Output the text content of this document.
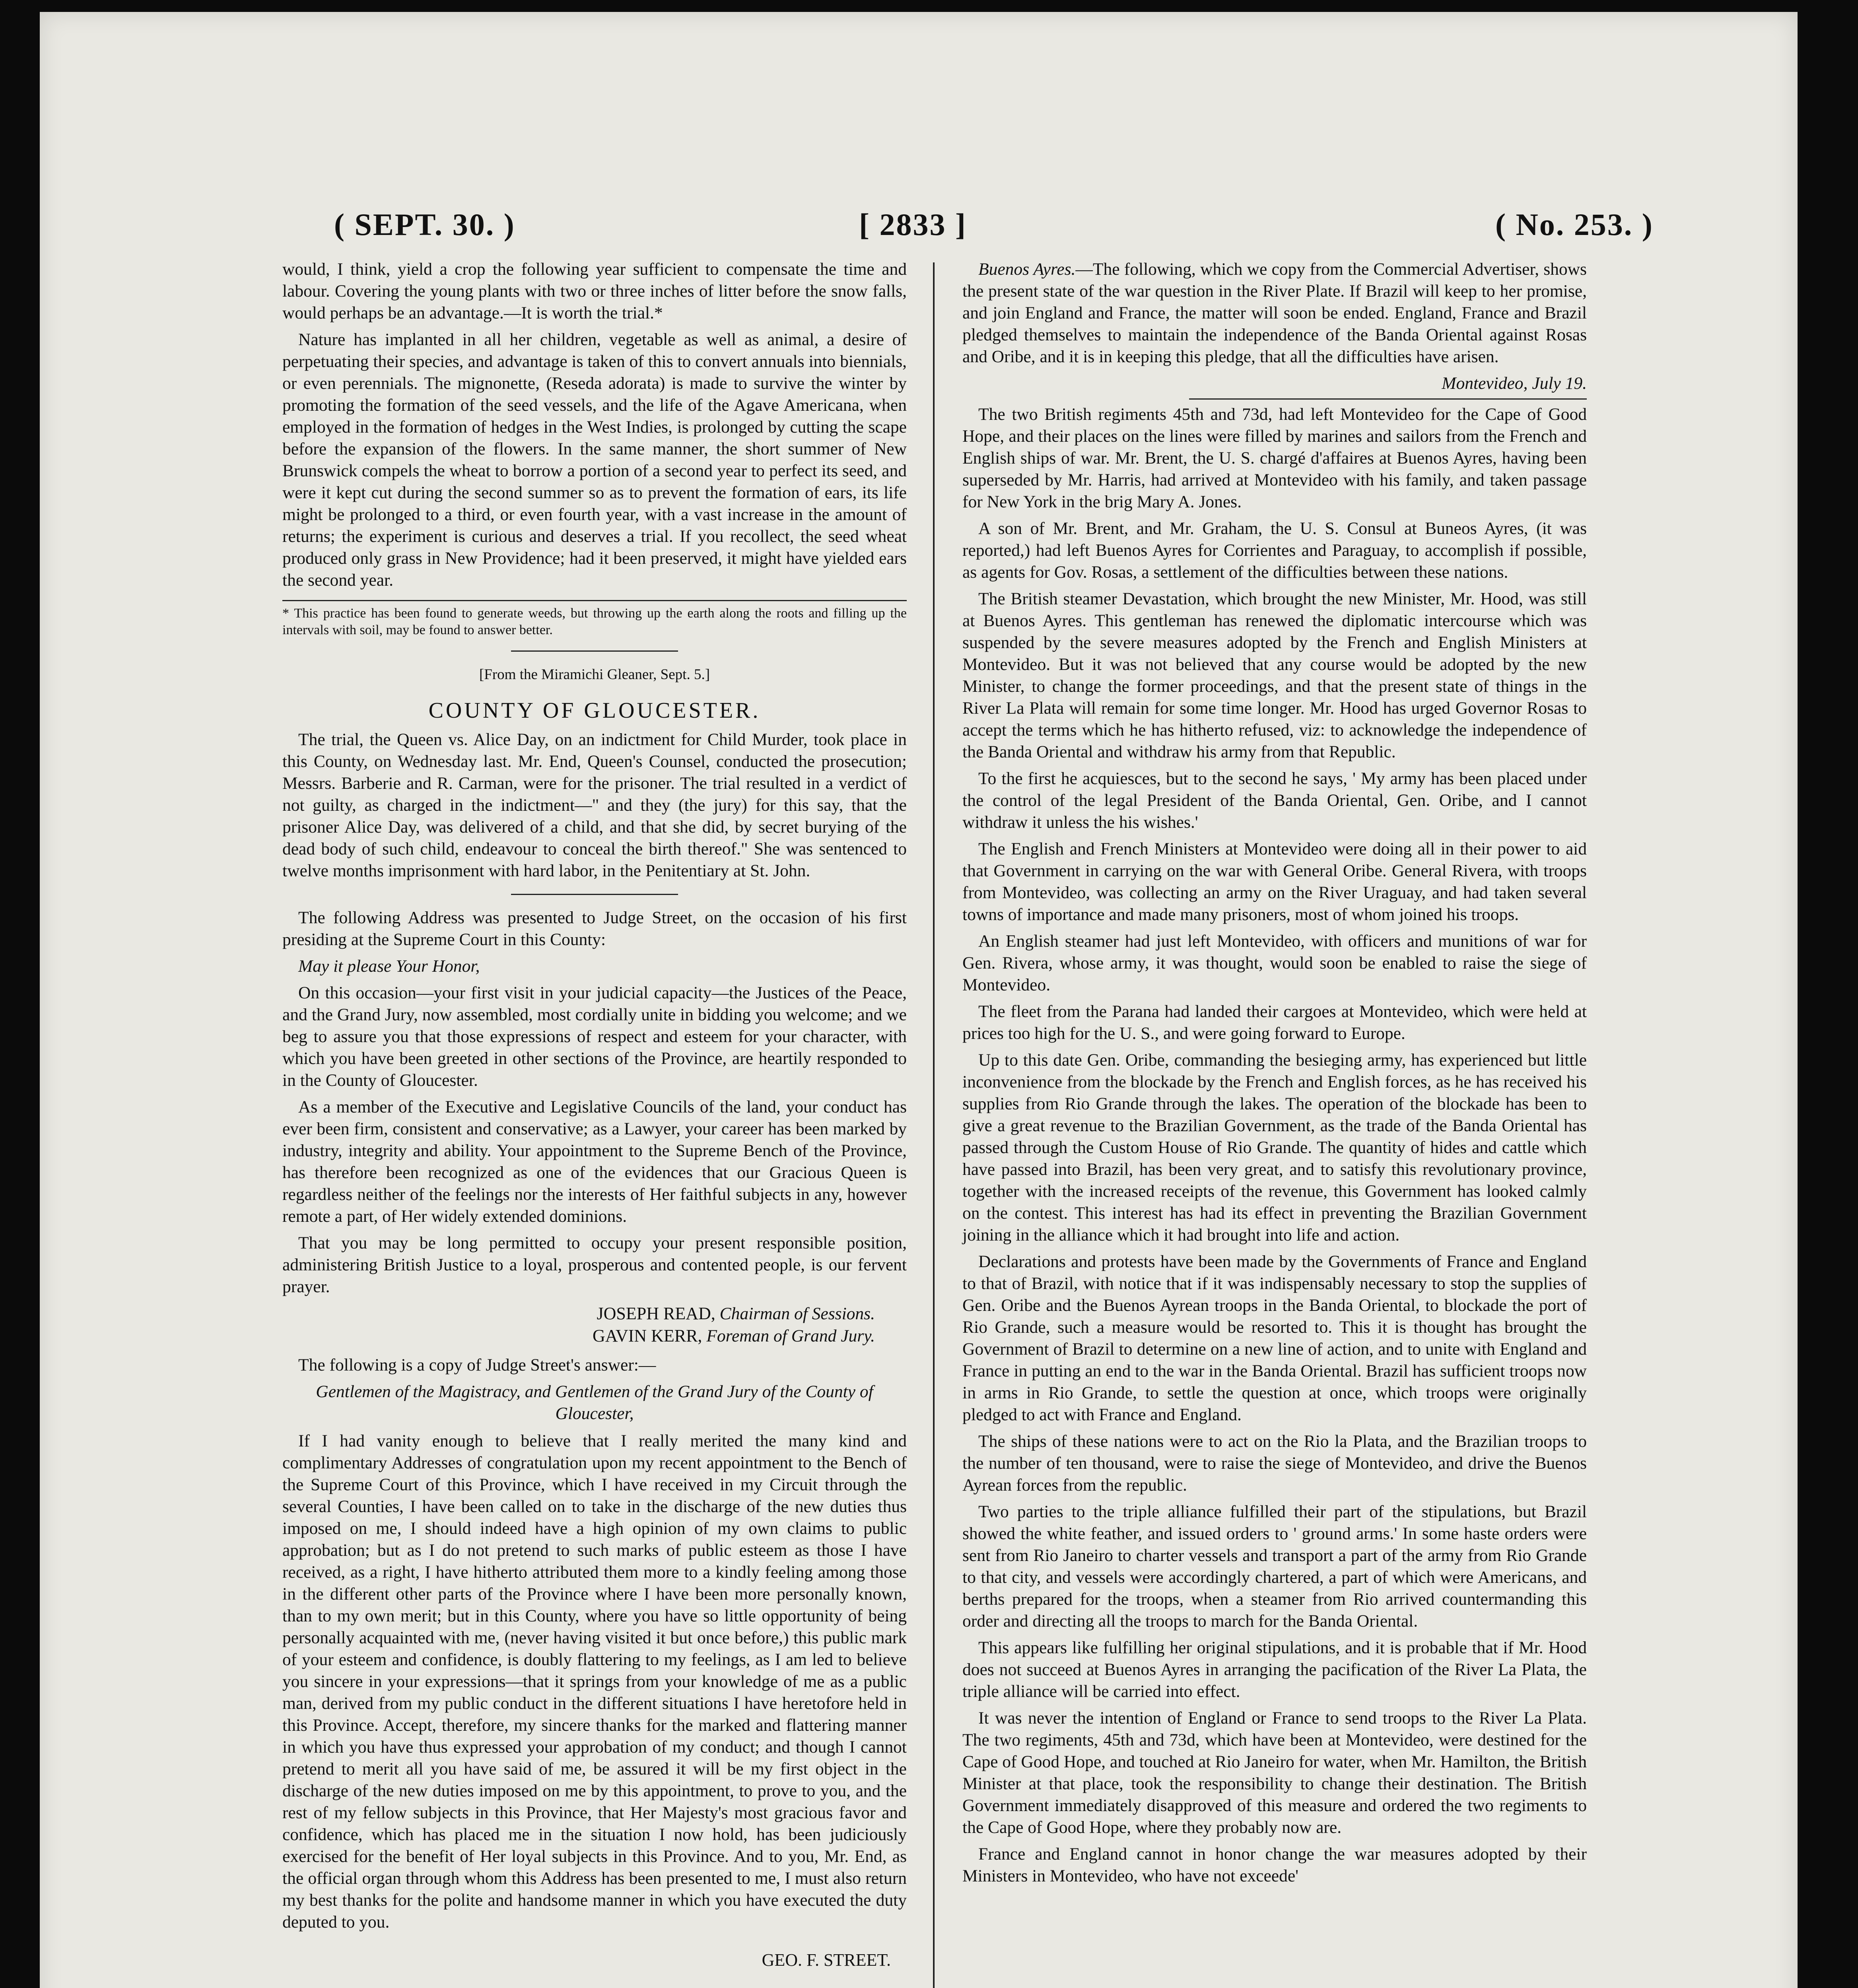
( SEPT. 30. )	[ 2833 ]	( No. 253. )

would, I think, yield a crop the following year sufficient to compensate the time and labour. Covering the young plants with two or three inches of litter before the snow falls, would perhaps be an advantage.—It is worth the trial.*

Nature has implanted in all her children, vegetable as well as animal, a desire of perpetuating their species, and advantage is taken of this to convert annuals into biennials, or even perennials. The mignonette, (Reseda adorata) is made to survive the winter by promoting the formation of the seed vessels, and the life of the Agave Americana, when employed in the formation of hedges in the West Indies, is prolonged by cutting the scape before the expansion of the flowers. In the same manner, the short summer of New Brunswick compels the wheat to borrow a portion of a second year to perfect its seed, and were it kept cut during the second summer so as to prevent the formation of ears, its life might be prolonged to a third, or even fourth year, with a vast increase in the amount of returns; the experiment is curious and deserves a trial. If you recollect, the seed wheat produced only grass in New Providence; had it been preserved, it might have yielded ears the second year.

* This practice has been found to generate weeds, but throwing up the earth along the roots and filling up the intervals with soil, may be found to answer better.
[From the Miramichi Gleaner, Sept. 5.]
COUNTY OF GLOUCESTER.

The trial, the Queen vs. Alice Day, on an indictment for Child Murder, took place in this County, on Wednesday last. Mr. End, Queen's Counsel, conducted the prosecution; Messrs. Barberie and R. Carman, were for the prisoner. The trial resulted in a verdict of not guilty, as charged in the indictment—" and they (the jury) for this say, that the prisoner Alice Day, was delivered of a child, and that she did, by secret burying of the dead body of such child, endeavour to conceal the birth thereof." She was sentenced to twelve months imprisonment with hard labor, in the Penitentiary at St. John.

The following Address was presented to Judge Street, on the occasion of his first presiding at the Supreme Court in this County:

May it please Your Honor,

On this occasion—your first visit in your judicial capacity—the Justices of the Peace, and the Grand Jury, now assembled, most cordially unite in bidding you welcome; and we beg to assure you that those expressions of respect and esteem for your character, with which you have been greeted in other sections of the Province, are heartily responded to in the County of Gloucester.

As a member of the Executive and Legislative Councils of the land, your conduct has ever been firm, consistent and conservative; as a Lawyer, your career has been marked by industry, integrity and ability. Your appointment to the Supreme Bench of the Province, has therefore been recognized as one of the evidences that our Gracious Queen is regardless neither of the feelings nor the interests of Her faithful subjects in any, however remote a part, of Her widely extended dominions.

That you may be long permitted to occupy your present responsible position, administering British Justice to a loyal, prosperous and contented people, is our fervent prayer.

JOSEPH READ, Chairman of Sessions.
GAVIN KERR, Foreman of Grand Jury.

The following is a copy of Judge Street's answer:—

Gentlemen of the Magistracy, and Gentlemen of the Grand Jury of the County of Gloucester,

If I had vanity enough to believe that I really merited the many kind and complimentary Addresses of congratulation upon my recent appointment to the Bench of the Supreme Court of this Province, which I have received in my Circuit through the several Counties, I have been called on to take in the discharge of the new duties thus imposed on me, I should indeed have a high opinion of my own claims to public approbation; but as I do not pretend to such marks of public esteem as those I have received, as a right, I have hitherto attributed them more to a kindly feeling among those in the different other parts of the Province where I have been more personally known, than to my own merit; but in this County, where you have so little opportunity of being personally acquainted with me, (never having visited it but once before,) this public mark of your esteem and confidence, is doubly flattering to my feelings, as I am led to believe you sincere in your expressions—that it springs from your knowledge of me as a public man, derived from my public conduct in the different situations I have heretofore held in this Province. Accept, therefore, my sincere thanks for the marked and flattering manner in which you have thus expressed your approbation of my conduct; and though I cannot pretend to merit all you have said of me, be assured it will be my first object in the discharge of the new duties imposed on me by this appointment, to prove to you, and the rest of my fellow subjects in this Province, that Her Majesty's most gracious favor and confidence, which has placed me in the situation I now hold, has been judiciously exercised for the benefit of Her loyal subjects in this Province. And to you, Mr. End, as the official organ through whom this Address has been presented to me, I must also return my best thanks for the polite and handsome manner in which you have executed the duty deputed to you.

GEO. F. STREET.

Buenos Ayres.—The following, which we copy from the Commercial Advertiser, shows the present state of the war question in the River Plate. If Brazil will keep to her promise, and join England and France, the matter will soon be ended. England, France and Brazil pledged themselves to maintain the independence of the Banda Oriental against Rosas and Oribe, and it is in keeping this pledge, that all the difficulties have arisen.

Montevideo, July 19.

The two British regiments 45th and 73d, had left Montevideo for the Cape of Good Hope, and their places on the lines were filled by marines and sailors from the French and English ships of war. Mr. Brent, the U. S. chargé d'affaires at Buenos Ayres, having been superseded by Mr. Harris, had arrived at Montevideo with his family, and taken passage for New York in the brig Mary A. Jones.

A son of Mr. Brent, and Mr. Graham, the U. S. Consul at Buneos Ayres, (it was reported,) had left Buenos Ayres for Corrientes and Paraguay, to accomplish if possible, as agents for Gov. Rosas, a settlement of the difficulties between these nations.

The British steamer Devastation, which brought the new Minister, Mr. Hood, was still at Buenos Ayres. This gentleman has renewed the diplomatic intercourse which was suspended by the severe measures adopted by the French and English Ministers at Montevideo. But it was not believed that any course would be adopted by the new Minister, to change the former proceedings, and that the present state of things in the River La Plata will remain for some time longer. Mr. Hood has urged Governor Rosas to accept the terms which he has hitherto refused, viz: to acknowledge the independence of the Banda Oriental and withdraw his army from that Republic.

To the first he acquiesces, but to the second he says, ' My army has been placed under the control of the legal President of the Banda Oriental, Gen. Oribe, and I cannot withdraw it unless the his wishes.'

The English and French Ministers at Montevideo were doing all in their power to aid that Government in carrying on the war with General Oribe. General Rivera, with troops from Montevideo, was collecting an army on the River Uraguay, and had taken several towns of importance and made many prisoners, most of whom joined his troops.

An English steamer had just left Montevideo, with officers and munitions of war for Gen. Rivera, whose army, it was thought, would soon be enabled to raise the siege of Montevideo.

The fleet from the Parana had landed their cargoes at Montevideo, which were held at prices too high for the U. S., and were going forward to Europe.

Up to this date Gen. Oribe, commanding the besieging army, has experienced but little inconvenience from the blockade by the French and English forces, as he has received his supplies from Rio Grande through the lakes. The operation of the blockade has been to give a great revenue to the Brazilian Government, as the trade of the Banda Oriental has passed through the Custom House of Rio Grande. The quantity of hides and cattle which have passed into Brazil, has been very great, and to satisfy this revolutionary province, together with the increased receipts of the revenue, this Government has looked calmly on the contest. This interest has had its effect in preventing the Brazilian Government joining in the alliance which it had brought into life and action.

Declarations and protests have been made by the Governments of France and England to that of Brazil, with notice that if it was indispensably necessary to stop the supplies of Gen. Oribe and the Buenos Ayrean troops in the Banda Oriental, to blockade the port of Rio Grande, such a measure would be resorted to. This it is thought has brought the Government of Brazil to determine on a new line of action, and to unite with England and France in putting an end to the war in the Banda Oriental. Brazil has sufficient troops now in arms in Rio Grande, to settle the question at once, which troops were originally pledged to act with France and England.

The ships of these nations were to act on the Rio la Plata, and the Brazilian troops to the number of ten thousand, were to raise the siege of Montevideo, and drive the Buenos Ayrean forces from the republic.

Two parties to the triple alliance fulfilled their part of the stipulations, but Brazil showed the white feather, and issued orders to ' ground arms.' In some haste orders were sent from Rio Janeiro to charter vessels and transport a part of the army from Rio Grande to that city, and vessels were accordingly chartered, a part of which were Americans, and berths prepared for the troops, when a steamer from Rio arrived countermanding this order and directing all the troops to march for the Banda Oriental.

This appears like fulfilling her original stipulations, and it is probable that if Mr. Hood does not succeed at Buenos Ayres in arranging the pacification of the River La Plata, the triple alliance will be carried into effect.

It was never the intention of England or France to send troops to the River La Plata. The two regiments, 45th and 73d, which have been at Montevideo, were destined for the Cape of Good Hope, and touched at Rio Janeiro for water, when Mr. Hamilton, the British Minister at that place, took the responsibility to change their destination. The British Government immediately disapproved of this measure and ordered the two regiments to the Cape of Good Hope, where they probably now are.

France and England cannot in honor change the war measures adopted by their Ministers in Montevideo, who have not exceede'
